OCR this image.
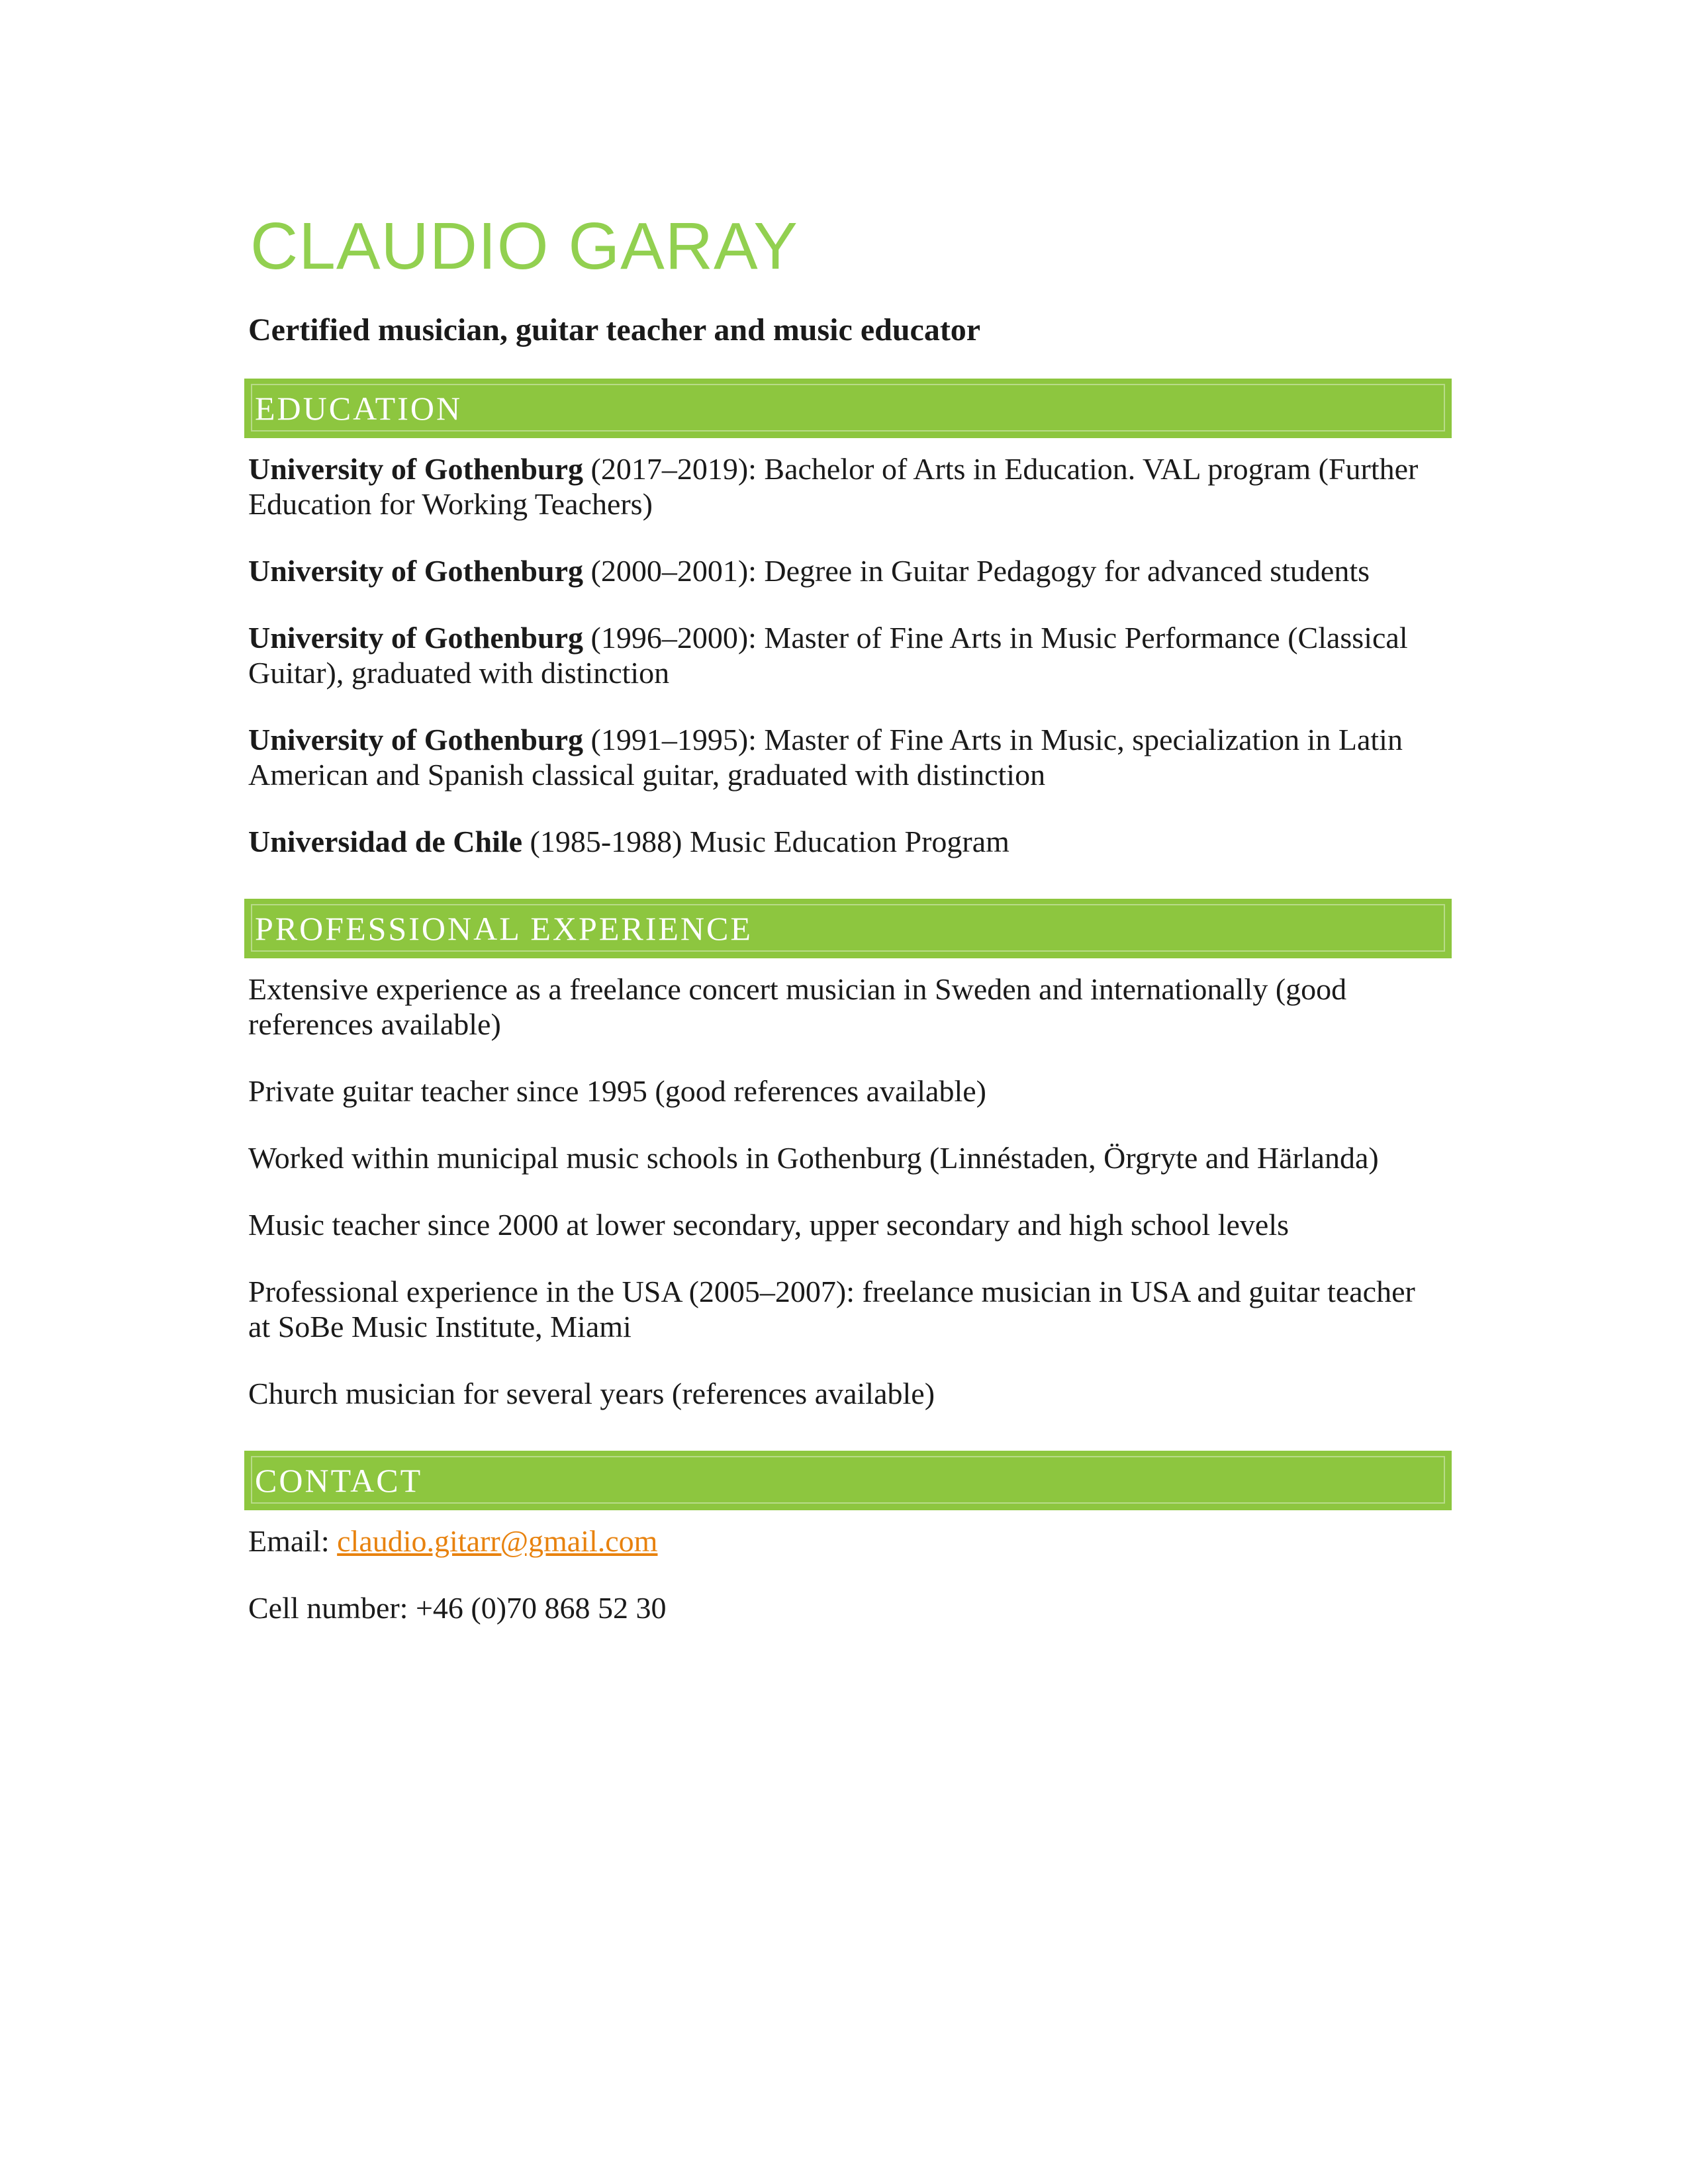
CLAUDIO GARAY

Certified musician, guitar teacher and music educator

EDUCATION

University of Gothenburg (2017–2019): Bachelor of Arts in Education. VAL program (Further Education for Working Teachers)

University of Gothenburg (2000–2001): Degree in Guitar Pedagogy for advanced students

University of Gothenburg (1996–2000): Master of Fine Arts in Music Performance (Classical Guitar), graduated with distinction

University of Gothenburg (1991–1995): Master of Fine Arts in Music, specialization in Latin American and Spanish classical guitar, graduated with distinction

Universidad de Chile (1985-1988) Music Education Program

PROFESSIONAL EXPERIENCE

Extensive experience as a freelance concert musician in Sweden and internationally (good references available)

Private guitar teacher since 1995 (good references available)

Worked within municipal music schools in Gothenburg (Linnéstaden, Örgryte and Härlanda)

Music teacher since 2000 at lower secondary, upper secondary and high school levels

Professional experience in the USA (2005–2007): freelance musician in USA and guitar teacher at SoBe Music Institute, Miami

Church musician for several years (references available)

CONTACT

Email: claudio.gitarr@gmail.com

Cell number: +46 (0)70 868 52 30
